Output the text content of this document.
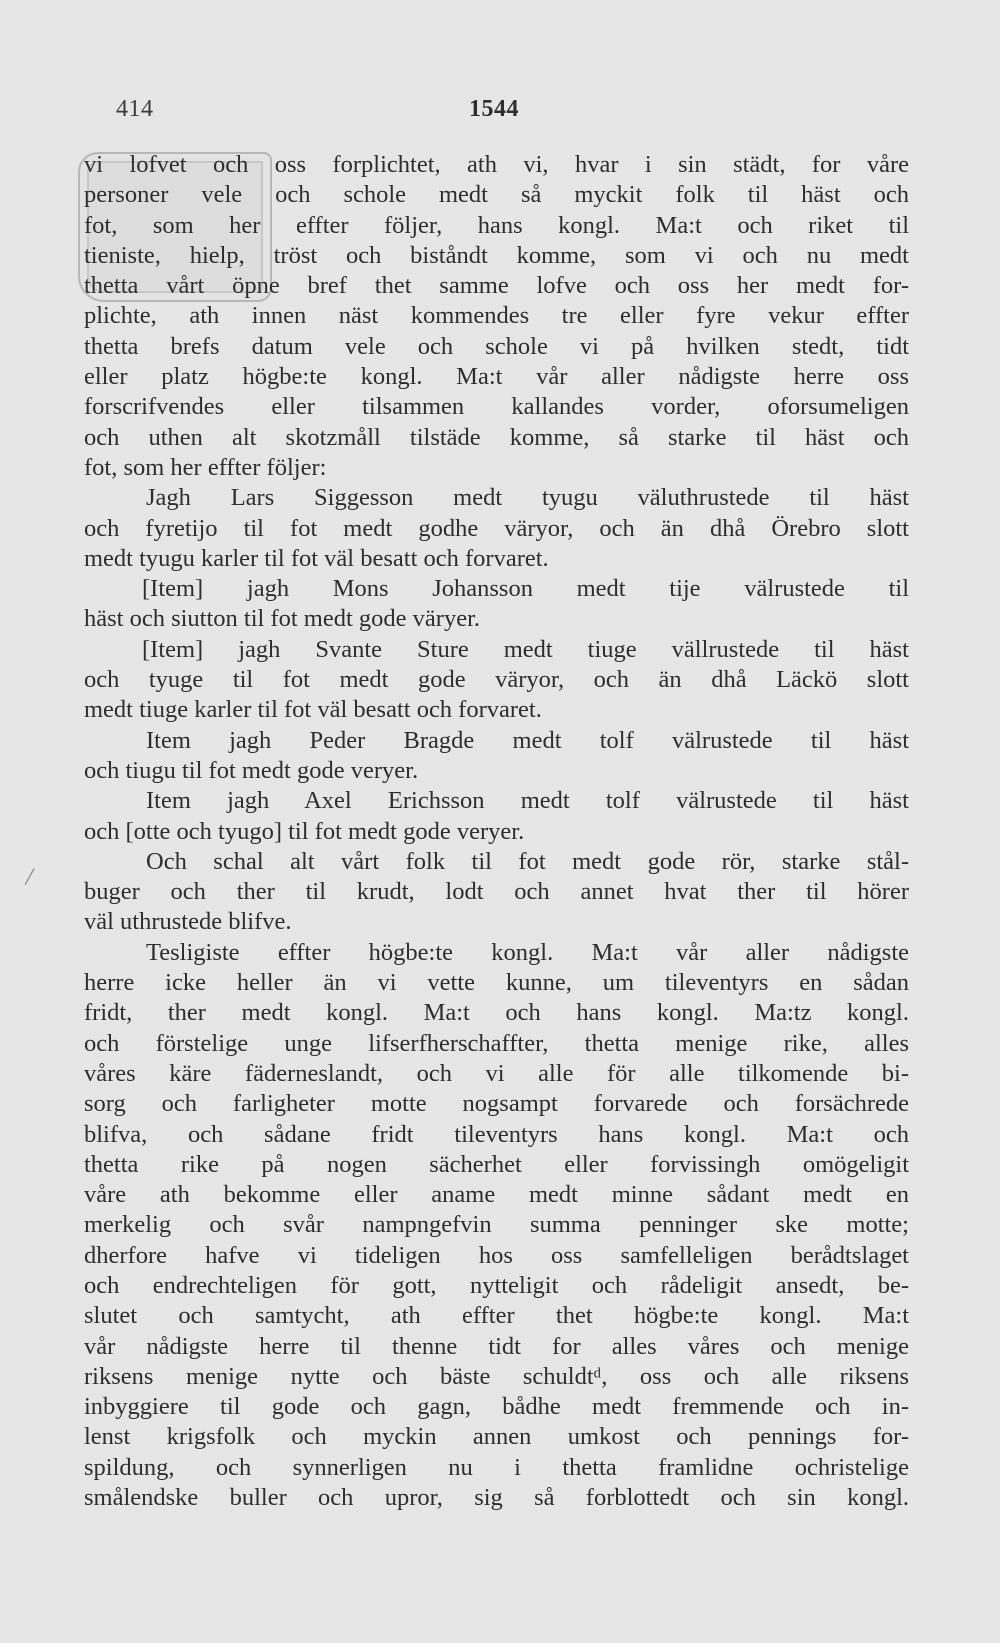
414	1544
/
vi lofvet och oss forplichtet, ath vi, hvar i sin städt, for våre
personer vele och schole medt så myckit folk til häst och
fot, som her effter följer, hans kongl. Ma:t och riket til
tieniste, hielp, tröst och biståndt komme, som vi och nu medt
thetta vårt öpne bref thet samme lofve och oss her medt for-
plichte, ath innen näst kommendes tre eller fyre vekur effter
thetta brefs datum vele och schole vi på hvilken stedt, tidt
eller platz högbe:te kongl. Ma:t vår aller nådigste herre oss
forscrifvendes eller tilsammen kallandes vorder, oforsumeligen
och uthen alt skotzmåll tilstäde komme, så starke til häst och
fot, som her effter följer:
Jagh Lars Siggesson medt tyugu väluthrustede til häst
och fyretijo til fot medt godhe väryor, och än dhå Örebro slott
medt tyugu karler til fot väl besatt och forvaret.
[Item] jagh Mons Johansson medt tije välrustede til
häst och siutton til fot medt gode väryer.
[Item] jagh Svante Sture medt tiuge vällrustede til häst
och tyuge til fot medt gode väryor, och än dhå Läckö slott
medt tiuge karler til fot väl besatt och forvaret.
Item jagh Peder Bragde medt tolf välrustede til häst
och tiugu til fot medt gode veryer.
Item jagh Axel Erichsson medt tolf välrustede til häst
och [otte och tyugo] til fot medt gode veryer.
Och schal alt vårt folk til fot medt gode rör, starke stål-
buger och ther til krudt, lodt och annet hvat ther til hörer
väl uthrustede blifve.
Tesligiste effter högbe:te kongl. Ma:t vår aller nådigste
herre icke heller än vi vette kunne, um tileventyrs en sådan
fridt, ther medt kongl. Ma:t och hans kongl. Ma:tz kongl.
och förstelige unge lifserfherschaffter, thetta menige rike, alles
våres käre fäderneslandt, och vi alle för alle tilkomende bi-
sorg och farligheter motte nogsampt forvarede och forsächrede
blifva, och sådane fridt tileventyrs hans kongl. Ma:t och
thetta rike på nogen sächerhet eller forvissingh omögeligit
våre ath bekomme eller aname medt minne sådant medt en
merkelig och svår nampngefvin summa penninger ske motte;
dherfore hafve vi tideligen hos oss samfelleligen berådtslaget
och endrechteligen för gott, nytteligit och rådeligit ansedt, be-
slutet och samtycht, ath effter thet högbe:te kongl. Ma:t
vår nådigste herre til thenne tidt for alles våres och menige
riksens menige nytte och bäste schuldtᵈ, oss och alle riksens
inbyggiere til gode och gagn, bådhe medt fremmende och in-
lenst krigsfolk och myckin annen umkost och pennings for-
spildung, och synnerligen nu i thetta framlidne ochristelige
smålendske buller och upror, sig så forblottedt och sin kongl.
